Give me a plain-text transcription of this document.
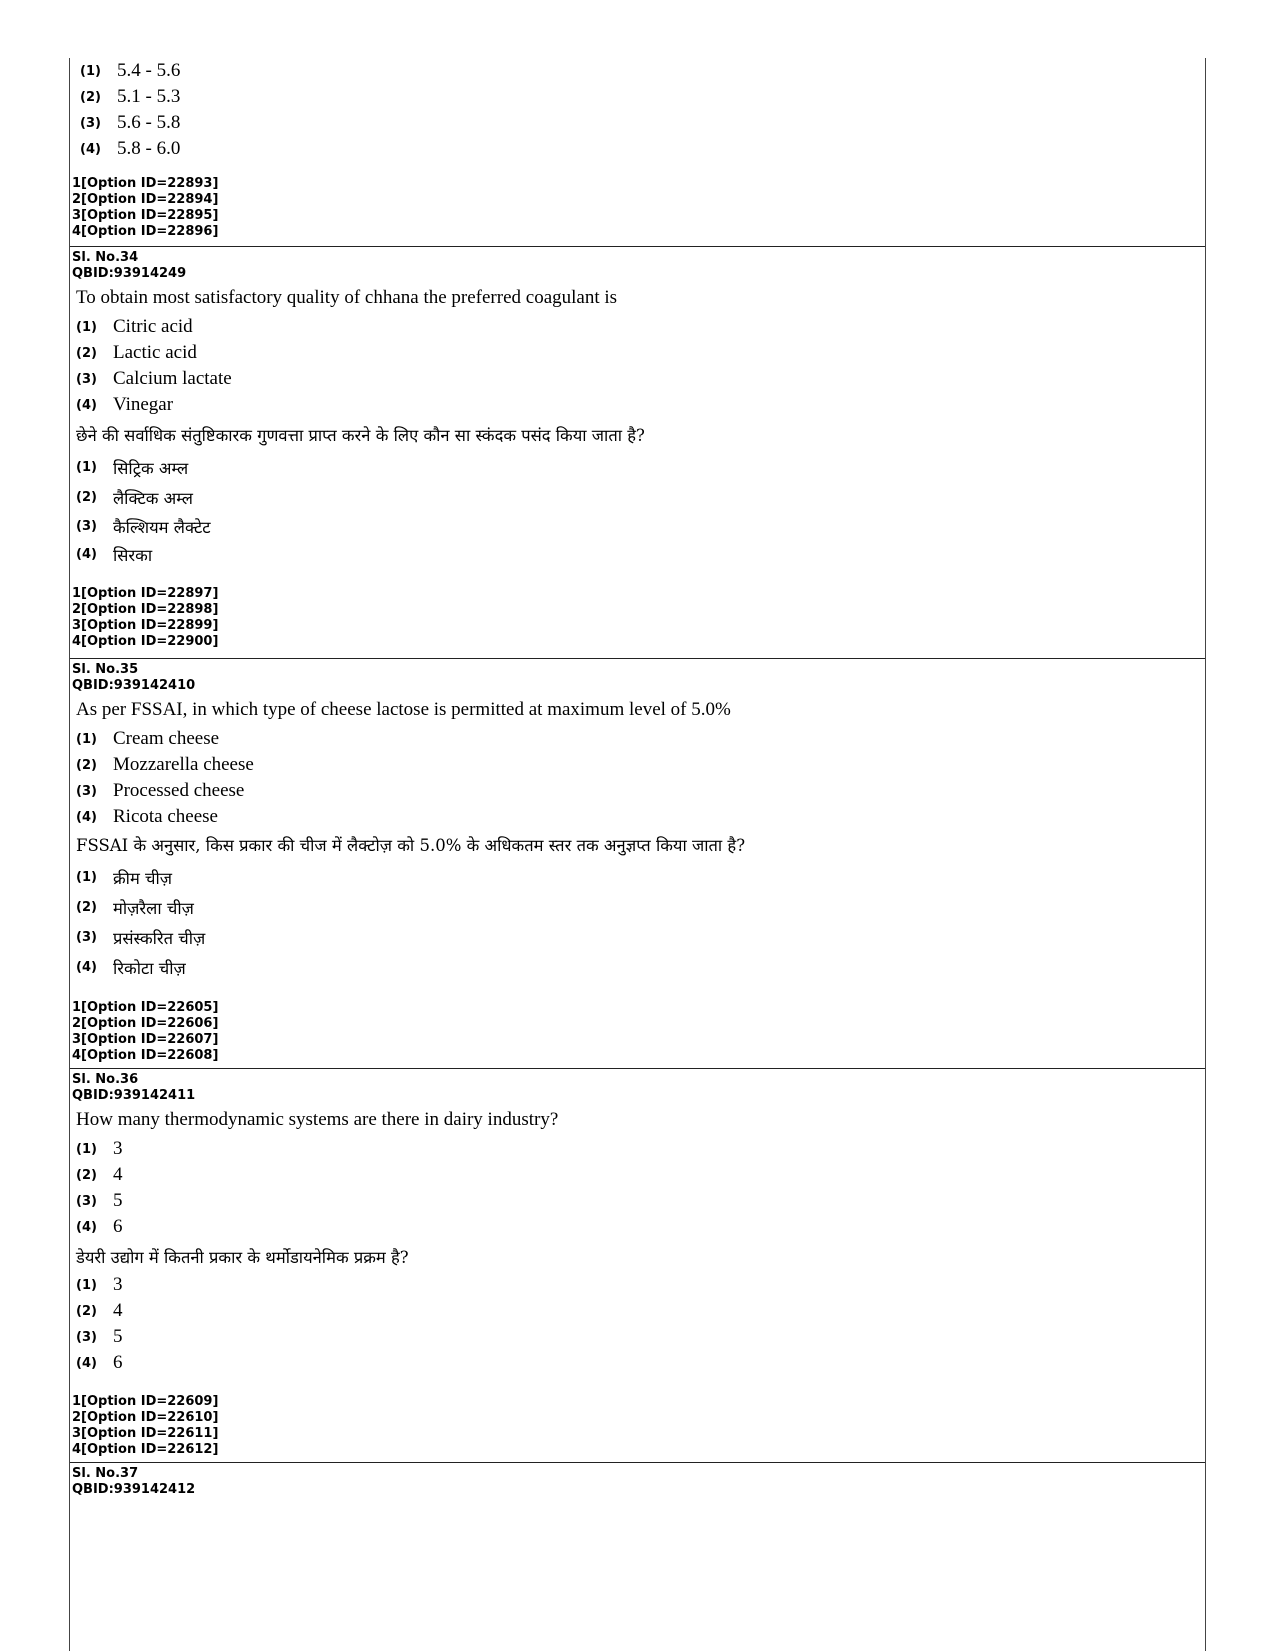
(1) 5.4 - 5.6
(2) 5.1 - 5.3
(3) 5.6 - 5.8
(4) 5.8 - 6.0
1[Option ID=22893]
2[Option ID=22894]
3[Option ID=22895]
4[Option ID=22896]
Sl. No.34
QBID:93914249
To obtain most satisfactory quality of chhana the preferred coagulant is
(1) Citric acid
(2) Lactic acid
(3) Calcium lactate
(4) Vinegar
छेने की सर्वाधिक संतुष्टिकारक गुणवत्ता प्राप्त करने के लिए कौन सा स्कंदक पसंद किया जाता है?
(1) सिट्रिक अम्ल
(2) लैक्टिक अम्ल
(3) कैल्शियम लैक्टेट
(4) सिरका
1[Option ID=22897]
2[Option ID=22898]
3[Option ID=22899]
4[Option ID=22900]
Sl. No.35
QBID:939142410
As per FSSAI, in which type of cheese lactose is permitted at maximum level of 5.0%
(1) Cream cheese
(2) Mozzarella cheese
(3) Processed cheese
(4) Ricota cheese
FSSAI के अनुसार, किस प्रकार की चीज में लैक्टोज़ को 5.0% के अधिकतम स्तर तक अनुज्ञप्त किया जाता है?
(1) क्रीम चीज़
(2) मोज़रैला चीज़
(3) प्रसंस्करित चीज़
(4) रिकोटा चीज़
1[Option ID=22605]
2[Option ID=22606]
3[Option ID=22607]
4[Option ID=22608]
Sl. No.36
QBID:939142411
How many thermodynamic systems are there in dairy industry?
(1) 3
(2) 4
(3) 5
(4) 6
डेयरी उद्योग में कितनी प्रकार के थर्मोडायनेमिक प्रक्रम है?
(1) 3
(2) 4
(3) 5
(4) 6
1[Option ID=22609]
2[Option ID=22610]
3[Option ID=22611]
4[Option ID=22612]
Sl. No.37
QBID:939142412
